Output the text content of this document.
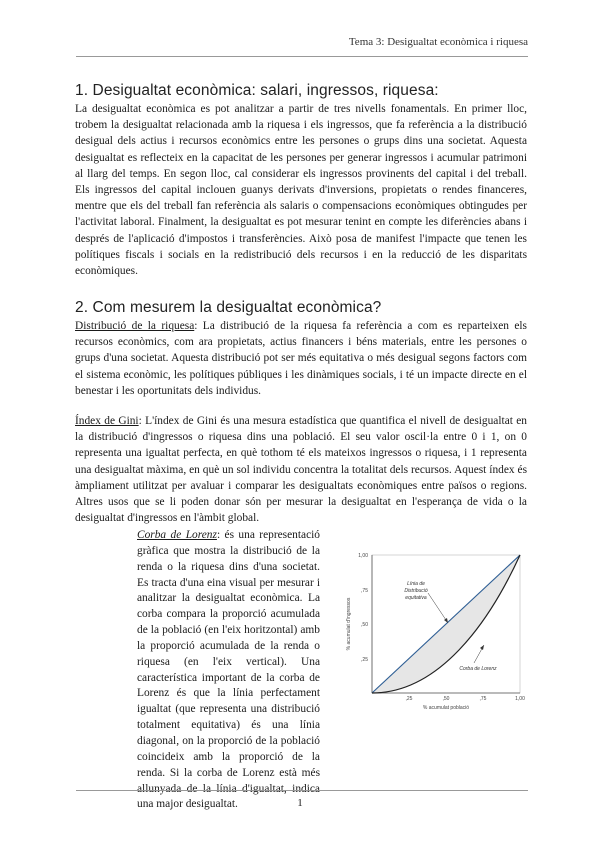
Tema 3: Desigualtat econòmica i riquesa
1. Desigualtat econòmica: salari, ingressos, riquesa:

La desigualtat econòmica es pot analitzar a partir de tres nivells fonamentals. En primer lloc, trobem la desigualtat relacionada amb la riquesa i els ingressos, que fa referència a la distribució desigual dels actius i recursos econòmics entre les persones o grups dins una societat. Aquesta desigualtat es reflecteix en la capacitat de les persones per generar ingressos i acumular patrimoni al llarg del temps. En segon lloc, cal considerar els ingressos provinents del capital i del treball. Els ingressos del capital inclouen guanys derivats d'inversions, propietats o rendes financeres, mentre que els del treball fan referència als salaris o compensacions econòmiques obtingudes per l'activitat laboral. Finalment, la desigualtat es pot mesurar tenint en compte les diferències abans i després de l'aplicació d'impostos i transferències. Això posa de manifest l'impacte que tenen les polítiques fiscals i socials en la redistribució dels recursos i en la reducció de les disparitats econòmiques.

2. Com mesurem la desigualtat econòmica?

Distribució de la riquesa: La distribució de la riquesa fa referència a com es reparteixen els recursos econòmics, com ara propietats, actius financers i béns materials, entre les persones o grups d'una societat. Aquesta distribució pot ser més equitativa o més desigual segons factors com el sistema econòmic, les polítiques públiques i les dinàmiques socials, i té un impacte directe en el benestar i les oportunitats dels individus.

Índex de Gini: L'índex de Gini és una mesura estadística que quantifica el nivell de desigualtat en la distribució d'ingressos o riquesa dins una població. El seu valor oscil·la entre 0 i 1, on 0 representa una igualtat perfecta, en què tothom té els mateixos ingressos o riquesa, i 1 representa una desigualtat màxima, en què un sol individu concentra la totalitat dels recursos. Aquest índex és àmpliament utilitzat per avaluar i comparar les desigualtats econòmiques entre països o regions. Altres usos que se li poden donar són per mesurar la desigualtat en l'esperança de vida o la desigualtat d'ingressos en l'àmbit global.

Corba de Lorenz: és una representació gràfica que mostra la distribució de la renda o la riquesa dins d'una societat. Es tracta d'una eina visual per mesurar i analitzar la desigualtat econòmica. La corba compara la proporció acumulada de la població (en l'eix horitzontal) amb la proporció acumulada de la renda o riquesa (en l'eix vertical). Una característica important de la corba de Lorenz és que la línia perfectament igualtat (que representa una distribució totalment equitativa) és una línia diagonal, on la proporció de la població coincideix amb la proporció de la renda. Si la corba de Lorenz està més allunyada de la línia d'igualtat, indica una major desigualtat.

1,00
,75
,50
,25
,25	,50	,75	1,00
% acumulat d'ingressos
% acumulat població
Línia de
Distribució
equitativa
Corba de Lorenz
1
